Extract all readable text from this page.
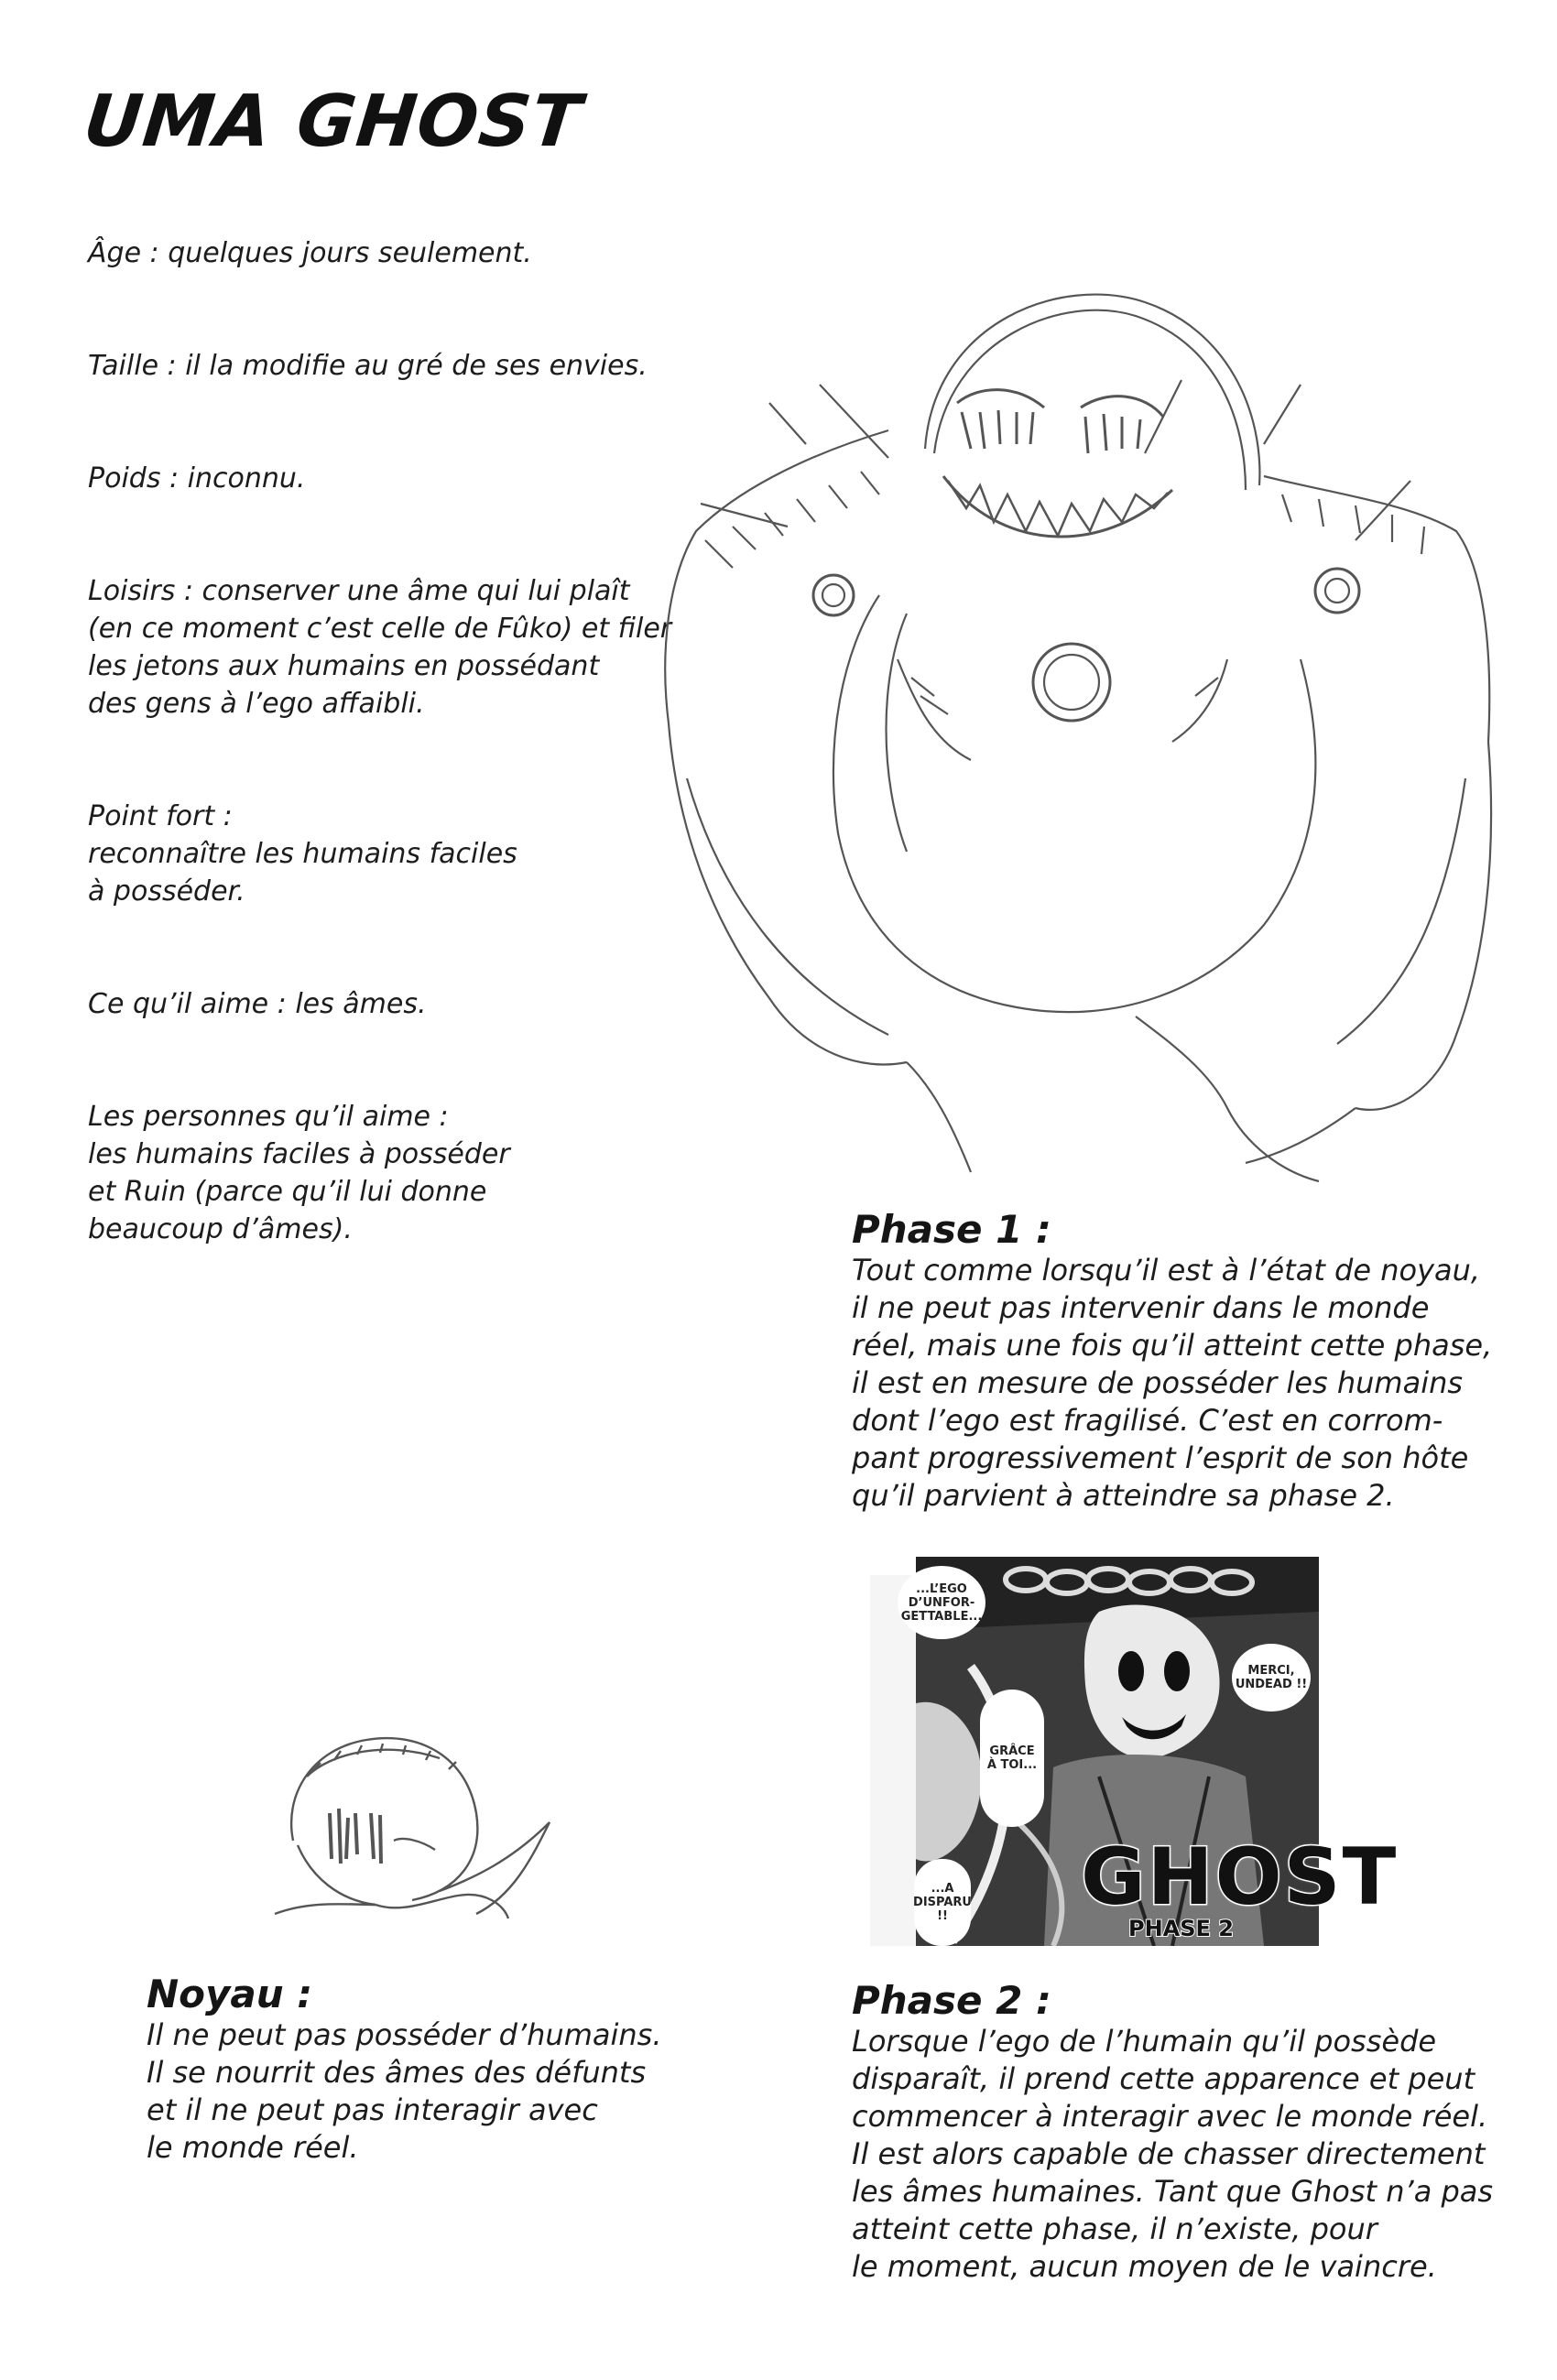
UMA GHOST

Âge : quelques jours seulement.

Taille : il la modifie au gré de ses envies.

Poids : inconnu.

Loisirs : conserver une âme qui lui plaît
(en ce moment c’est celle de Fûko) et filer
les jetons aux humains en possédant
des gens à l’ego affaibli.

Point fort :
reconnaître les humains faciles
à posséder.

Ce qu’il aime : les âmes.

Les personnes qu’il aime :
les humains faciles à posséder
et Ruin (parce qu’il lui donne
beaucoup d’âmes).	Phase 1 :
Tout comme lorsqu’il est à l’état de noyau,
il ne peut pas intervenir dans le monde
réel, mais une fois qu’il atteint cette phase,
il est en mesure de posséder les humains
dont l’ego est fragilisé. C’est en corrom-
pant progressivement l’esprit de son hôte
qu’il parvient à atteindre sa phase 2.
...L’EGO
D’UNFOR-
GETTABLE...
MERCI,
UNDEAD !!
GRÂCE
À TOI...
...A
DISPARU
!! GHOST
PHASE 2
Noyau :
Il ne peut pas posséder d’humains.
Il se nourrit des âmes des défunts
et il ne peut pas interagir avec
le monde réel.
Phase 2 :
Lorsque l’ego de l’humain qu’il possède
disparaît, il prend cette apparence et peut
commencer à interagir avec le monde réel.
Il est alors capable de chasser directement
les âmes humaines. Tant que Ghost n’a pas
atteint cette phase, il n’existe, pour
le moment, aucun moyen de le vaincre.
